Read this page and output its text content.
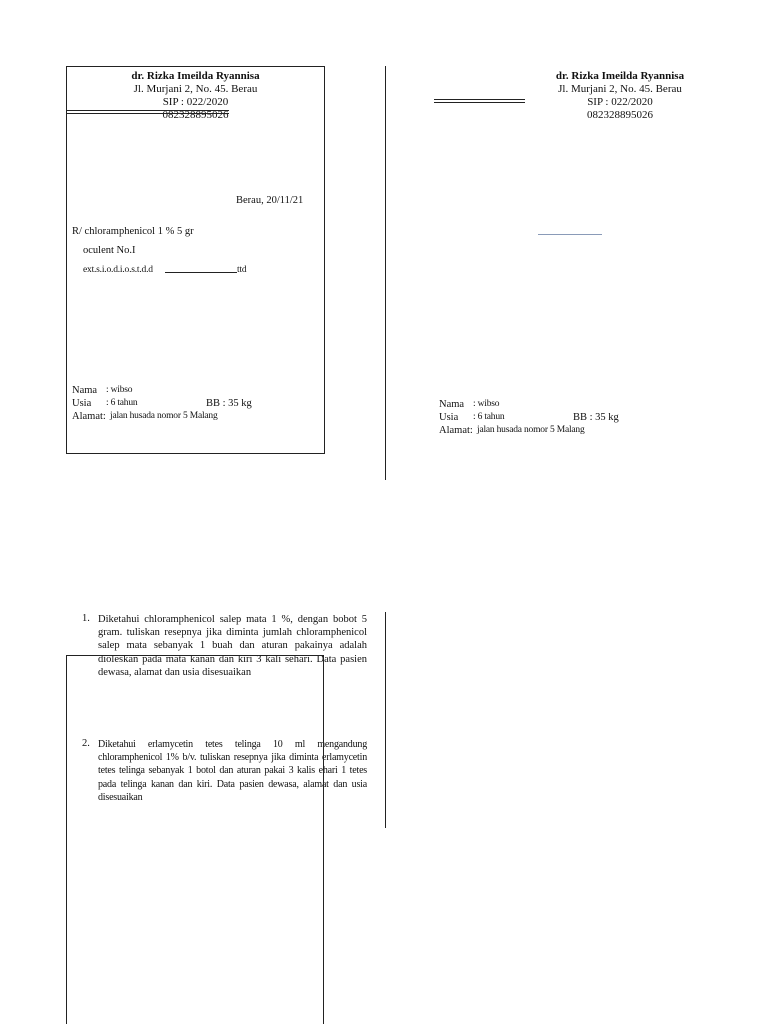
dr. Rizka Imeilda Ryannisa
Jl. Murjani 2, No. 45. Berau
SIP : 022/2020
082328895026
Berau, 20/11/21
R/ chloramphenicol 1 % 5 gr
oculent No.I
ext.s.i.o.d.i.o.s.t.d.d	ttd
Nama : wibso
Usia : 6 tahun	BB : 35 kg
Alamat: jalan husada nomor 5 Malang
dr. Rizka Imeilda Ryannisa
Jl. Murjani 2, No. 45. Berau
SIP : 022/2020
082328895026
Nama : wibso
Usia : 6 tahun	BB : 35 kg
Alamat: jalan husada nomor 5 Malang
1. Diketahui chloramphenicol salep mata 1 %, dengan bobot 5 gram. tuliskan resepnya jika diminta jumlah chloramphenicol salep mata sebanyak 1 buah dan aturan pakainya adalah dioleskan pada mata kanan dan kiri 3 kali sehari. Data pasien dewasa, alamat dan usia disesuaikan
2. Diketahui erlamycetin tetes telinga 10 ml mengandung chloramphenicol 1% b/v. tuliskan resepnya jika diminta erlamycetin tetes telinga sebanyak 1 botol dan aturan pakai 3 kalis ehari 1 tetes pada telinga kanan dan kiri. Data pasien dewasa, alamat dan usia disesuaikan
